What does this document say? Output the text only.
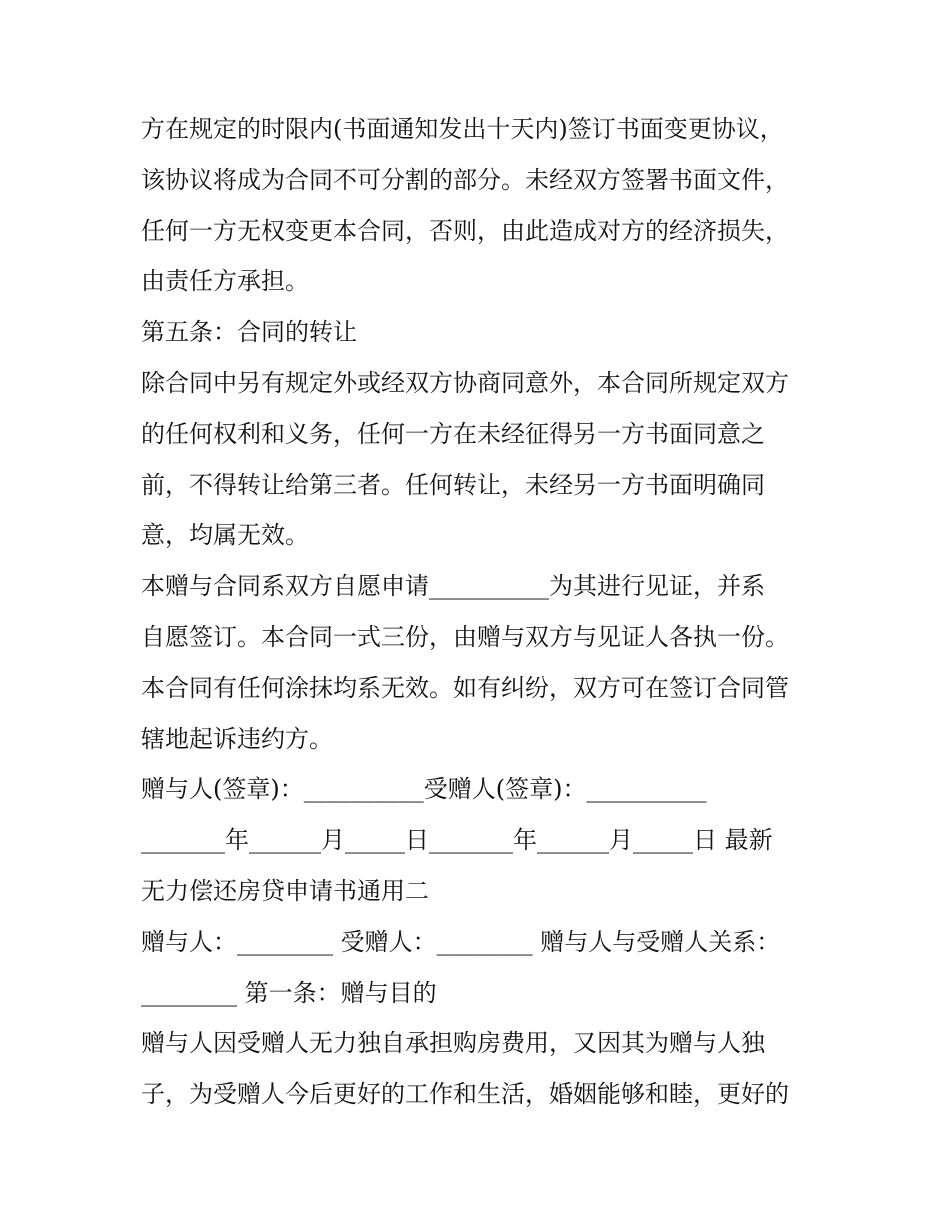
方在规定的时限内(书面通知发出十天内)签订书面变更协议，
该协议将成为合同不可分割的部分。未经双方签署书面文件，
任何一方无权变更本合同，否则，由此造成对方的经济损失，
由责任方承担。
第五条：合同的转让
除合同中另有规定外或经双方协商同意外，本合同所规定双方
的任何权利和义务，任何一方在未经征得另一方书面同意之
前，不得转让给第三者。任何转让，未经另一方书面明确同
意，均属无效。
本赠与合同系双方自愿申请__________为其进行见证，并系
自愿签订。本合同一式三份，由赠与双方与见证人各执一份。
本合同有任何涂抹均系无效。如有纠纷，双方可在签订合同管
辖地起诉违约方。
赠与人(签章)：__________受赠人(签章)：__________
_______年______月_____日_______年______月_____日 最新
无力偿还房贷申请书通用二
赠与人：________ 受赠人：________ 赠与人与受赠人关系：
________ 第一条：赠与目的
赠与人因受赠人无力独自承担购房费用，又因其为赠与人独
子，为受赠人今后更好的工作和生活，婚姻能够和睦，更好的
